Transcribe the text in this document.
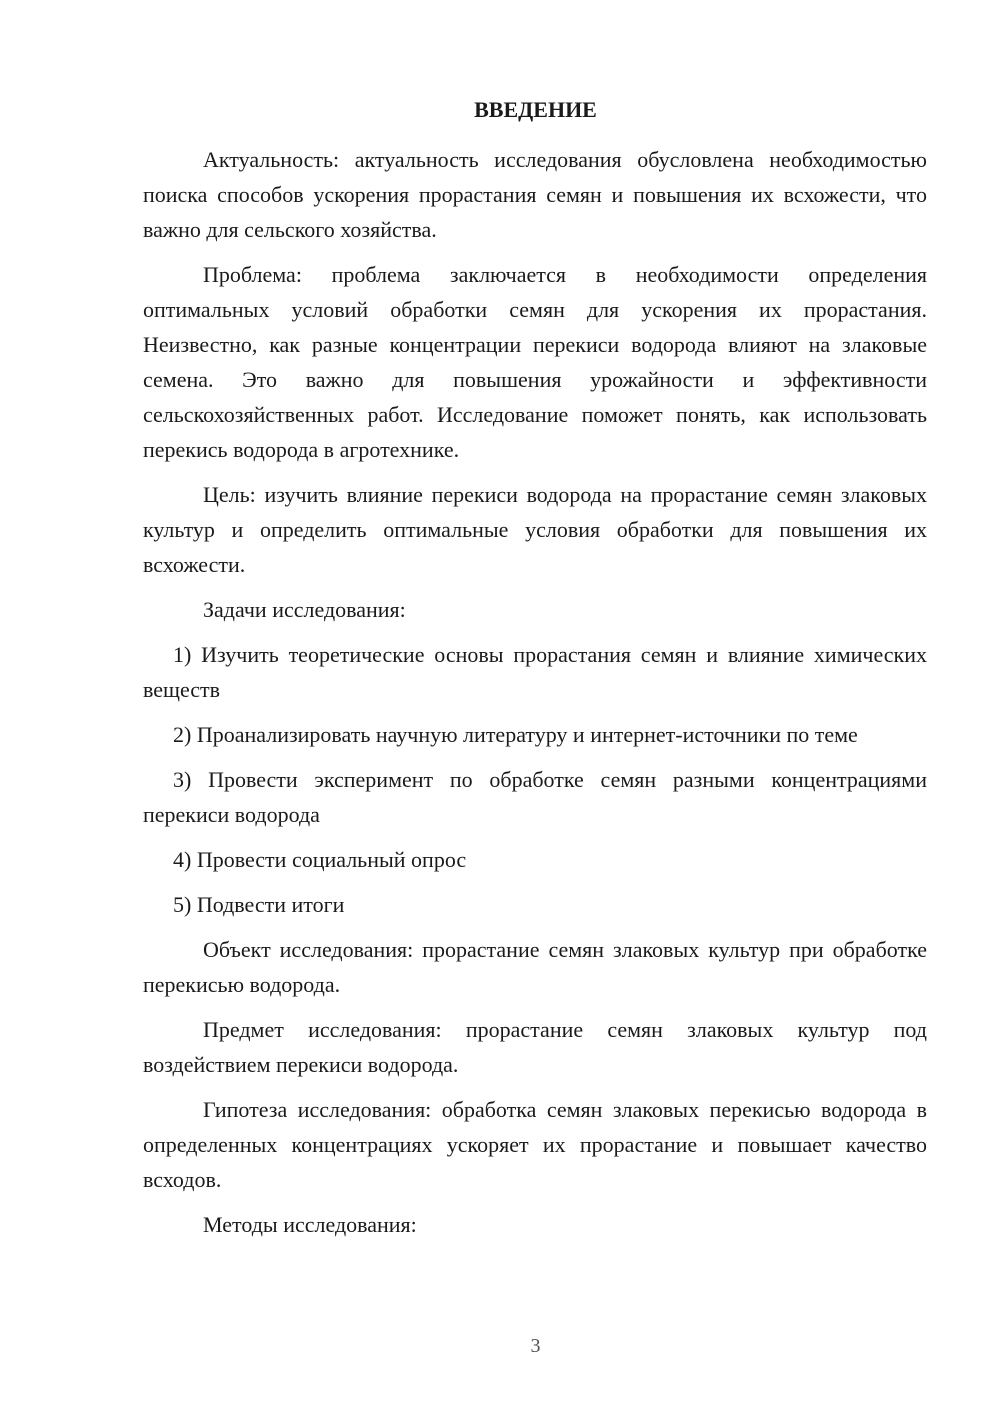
ВВЕДЕНИЕ

Актуальность: актуальность исследования обусловлена необходимостью поиска способов ускорения прорастания семян и повышения их всхожести, что важно для сельского хозяйства.

Проблема: проблема заключается в необходимости определения оптимальных условий обработки семян для ускорения их прорастания. Неизвестно, как разные концентрации перекиси водорода влияют на злаковые семена. Это важно для повышения урожайности и эффективности сельскохозяйственных работ. Исследование поможет понять, как использовать перекись водорода в агротехнике.

Цель: изучить влияние перекиси водорода на прорастание семян злаковых культур и определить оптимальные условия обработки для повышения их всхожести.

Задачи исследования:

1) Изучить теоретические основы прорастания семян и влияние химических веществ

2) Проанализировать научную литературу и интернет-источники по теме

3) Провести эксперимент по обработке семян разными концентрациями перекиси водорода

4) Провести социальный опрос

5) Подвести итоги

Объект исследования: прорастание семян злаковых культур при обработке перекисью водорода.

Предмет исследования: прорастание семян злаковых культур под воздействием перекиси водорода.

Гипотеза исследования: обработка семян злаковых перекисью водорода в определенных концентрациях ускоряет их прорастание и повышает качество всходов.

Методы исследования:

3
